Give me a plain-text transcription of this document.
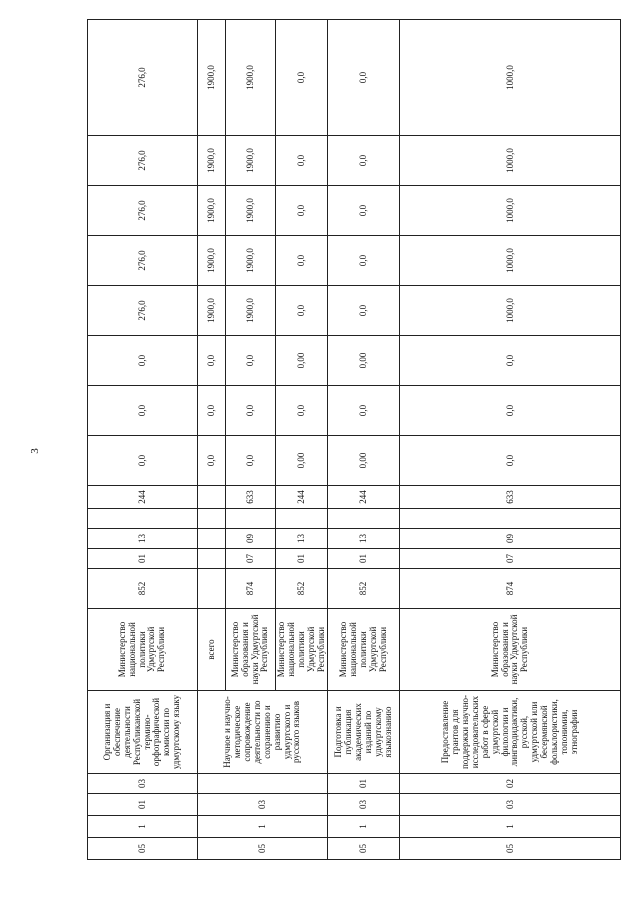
3
05	1	01	03	Организация и обеспечение деятельности Республиканской термино-орфографической комиссии по удмуртскому языку	Министерство национальной политики Удмуртской Республики	852	01	13		244	0,0	0,0	0,0	276,0	276,0	276,0	276,0	276,0
05	1	03		Научное и научно-методическое сопровождение деятельности по сохранению и развитию удмуртского и русского языков	всего						0,0	0,0	0,0	1900,0	1900,0	1900,0	1900,0	1900,0
					Министерство образования и науки Удмуртской Республики	874	07	09		633	0,0	0,0	0,0	1900,0	1900,0	1900,0	1900,0	1900,0
					Министерство национальной политики Удмуртской Республики	852	01	13		244	0,00	0,0	0,00	0,0	0,0	0,0	0,0	0,0
05	1	03	01	Подготовка и публикация академических изданий по удмуртскому языкознанию	Министерство национальной политики Удмуртской Республики	852	01	13		244	0,00	0,0	0,00	0,0	0,0	0,0	0,0	0,0
05	1	03	02	Предоставление грантов для поддержки научно-исследовательских работ в сфере удмуртской филологии и лингводидактики, русской, удмуртской или бесермянской фольклористики, топонимии, этнографии	Министерство образования и науки Удмуртской Республики	874	07	09		633	0,0	0,0	0,0	1000,0	1000,0	1000,0	1000,0	1000,0
